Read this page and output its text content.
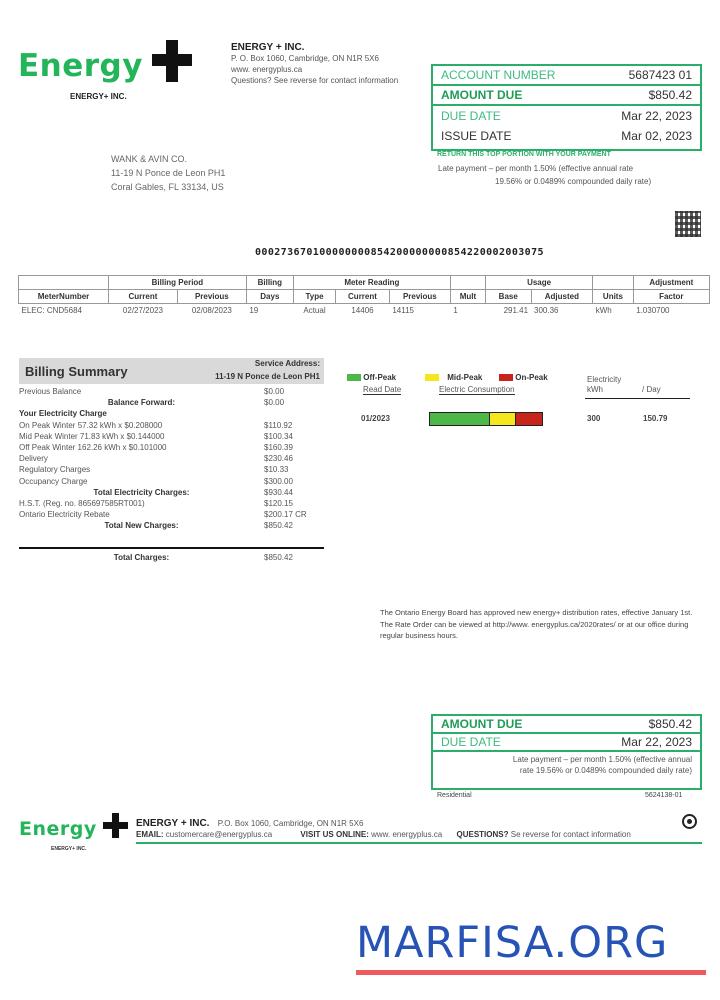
Energy
ENERGY+ INC.
ENERGY + INC.
P. O. Box 1060, Cambridge, ON N1R 5X6
www. energyplus.ca
Questions? See reverse for contact information	ACCOUNT NUMBER	5687423 01
AMOUNT DUE	$850.42
DUE DATE	Mar 22, 2023
ISSUE DATE	Mar 02, 2023
RETURN THIS TOP PORTION WITH YOUR PAYMENT
Late payment – per month 1.50% (effective annual rate
19.56% or 0.0489% compounded daily rate)
WANK & AVIN CO.
11-19 N Ponce de Leon PH1
Coral Gables, FL 33134, US
000273670100000000854200000000854220002003075
	Billing Period		Billing	Meter Reading				Usage			Adjustment
MeterNumber	Current	Previous	Days	Type	Current	Previous	Mult	Base	Adjusted	Units	Factor
ELEC: CND5684	02/27/2023	02/08/2023	19	Actual	14406	14115	1	291.41	300.36	kWh	1.030700
Billing Summary
Service Address:
11-19 N Ponce de Leon PH1
Previous Balance	$0.00
Balance Forward:	$0.00
Your Electricity Charge
On Peak Winter 57.32 kWh x $0.208000	$110.92
Mid Peak Winter 71.83 kWh x $0.144000	$100.34
Off Peak Winter 162.26 kWh x $0.101000	$160.39
Delivery	$230.46
Regulatory Charges	$10.33
Occupancy Charge	$300.00
Total Electricity Charges:	$930.44
H.S.T. (Reg. no. 865697585RT001)	$120.15
Ontario Electricity Rebate	$200.17 CR
Total New Charges:	$850.42
Total Charges:	$850.42
Off-Peak	Mid-Peak	On-Peak
Read Date	Electric Consumption
Electricity
kWh	/ Day
01/2023	300	150.79
The Ontario Energy Board has approved new energy+ distribution rates, effective January 1st. The Rate Order can be viewed at http://www. energyplus.ca/2020rates/ or at our office during regular business hours.
AMOUNT DUE	$850.42
DUE DATE	Mar 22, 2023
Late payment – per month 1.50% (effective annual
rate 19.56% or 0.0489% compounded daily rate)
Residential	5624138-01
Energy
ENERGY+ INC.
ENERGY + INC. P.O. Box 1060, Cambridge, ON N1R 5X6
EMAIL: customercare@energyplus.ca	VISIT US ONLINE: www. energyplus.ca QUESTIONS? Se reverse for contact information
MARFISA.ORG
